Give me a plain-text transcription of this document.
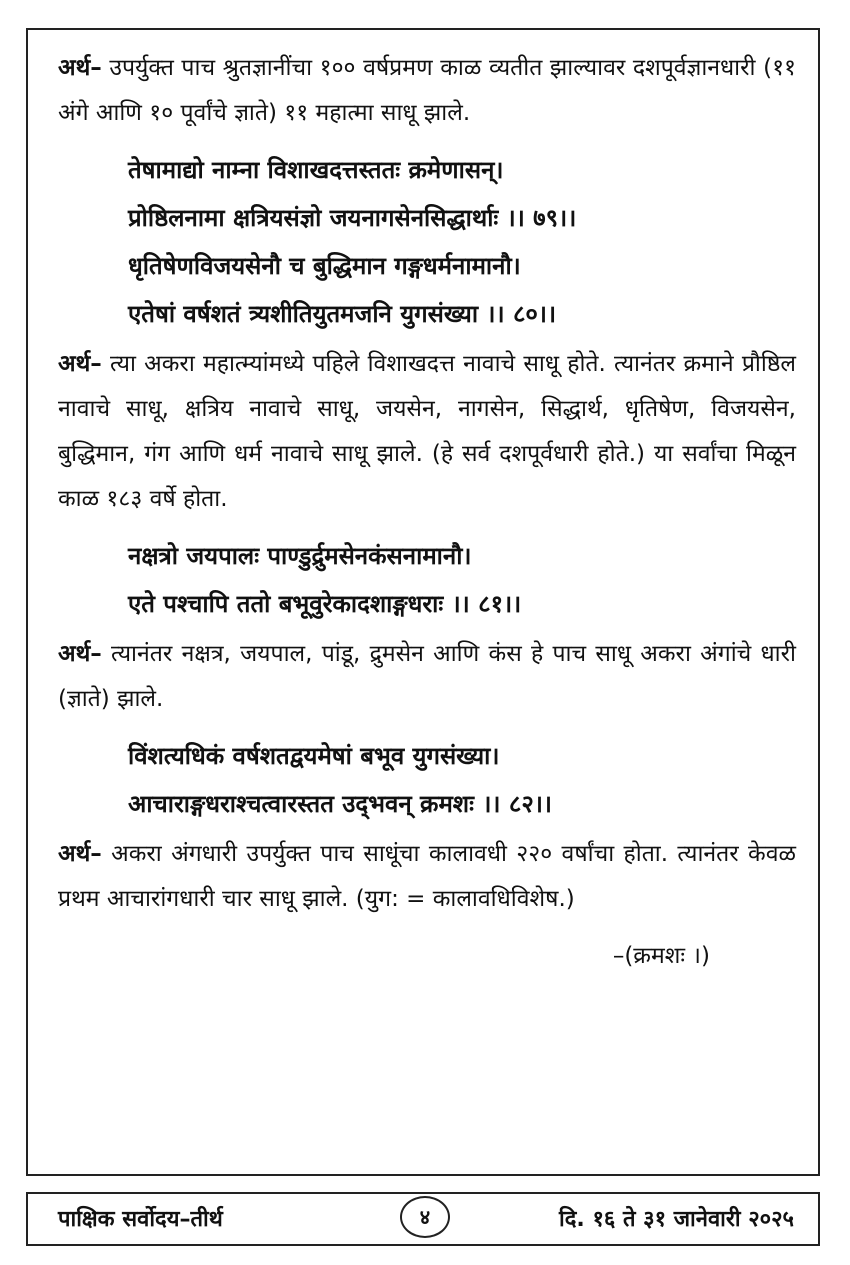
अर्थ– उपर्युक्त पाच श्रुतज्ञानींचा १०० वर्षप्रमण काळ व्यतीत झाल्यावर दशपूर्वज्ञानधारी (११ अंगे आणि १० पूर्वांचे ज्ञाते) ११ महात्मा साधू झाले.

तेषामाद्यो नाम्ना विशाखदत्तस्ततः क्रमेणासन्।
प्रोष्ठिलनामा क्षत्रियसंज्ञो जयनागसेनसिद्धार्थाः ।। ७९।।
धृतिषेणविजयसेनौ च बुद्धिमान गङ्गधर्मनामानौ।
एतेषां वर्षशतं त्र्यशीतियुतमजनि युगसंख्या ।। ८०।।

अर्थ– त्या अकरा महात्म्यांमध्ये पहिले विशाखदत्त नावाचे साधू होते. त्यानंतर क्रमाने प्रौष्ठिल नावाचे साधू, क्षत्रिय नावाचे साधू, जयसेन, नागसेन, सिद्धार्थ, धृतिषेण, विजयसेन, बुद्धिमान, गंग आणि धर्म नावाचे साधू झाले. (हे सर्व दशपूर्वधारी होते.) या सर्वांचा मिळून काळ १८३ वर्षे होता.

नक्षत्रो जयपालः पाण्डुर्द्रुमसेनकंसनामानौ।
एते पश्चापि ततो बभूवुरेकादशाङ्गधराः ।। ८१।।

अर्थ– त्यानंतर नक्षत्र, जयपाल, पांडू, द्रुमसेन आणि कंस हे पाच साधू अकरा अंगांचे धारी (ज्ञाते) झाले.

विंशत्यधिकं वर्षशतद्वयमेषां बभूव युगसंख्या।
आचाराङ्गधराश्चत्वारस्तत उद्‌भवन् क्रमशः ।। ८२।।

अर्थ– अकरा अंगधारी उपर्युक्त पाच साधूंचा कालावधी २२० वर्षांचा होता. त्यानंतर केवळ प्रथम आचारांगधारी चार साधू झाले. (युग: = कालावधिविशेष.)

–(क्रमशः ।)
पाक्षिक सर्वोदय–तीर्थ	४	दि. १६ ते ३१ जानेवारी २०२५
